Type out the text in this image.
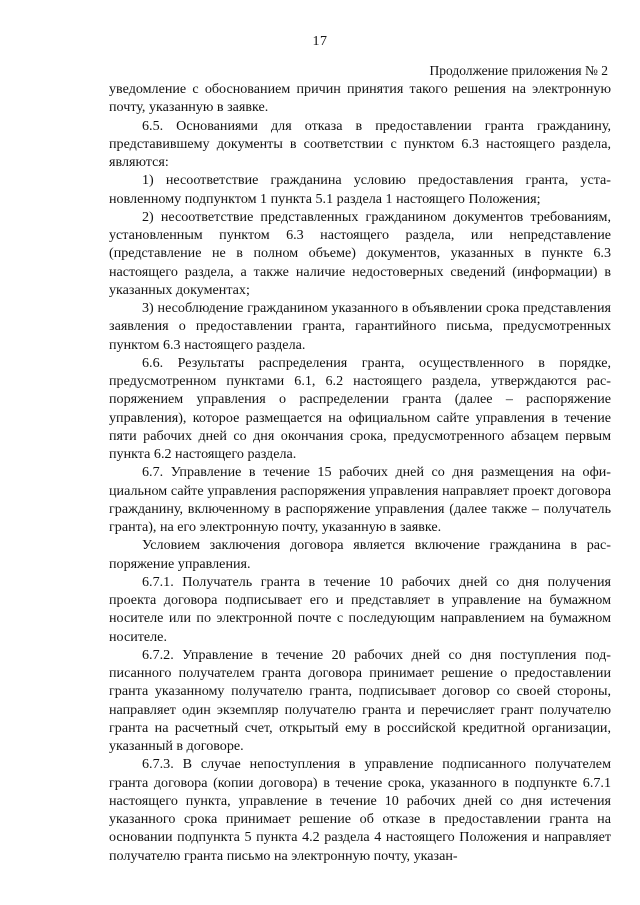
17
Продолжение приложения № 2

уведомление с обоснованием причин принятия такого решения на электронную почту, указанную в заявке.

6.5. Основаниями для отказа в предоставлении гранта гражданину, представившему документы в соответствии с пунктом 6.3 настоящего раздела, являются:

1) несоответствие гражданина условию предоставления гранта, установленному подпунктом 1 пункта 5.1 раздела 1 настоящего Положения;

2) несоответствие представленных гражданином документов требованиям, установленным пунктом 6.3 настоящего раздела, или непредставление (представление не в полном объеме) документов, указанных в пункте 6.3 настоящего раздела, а также наличие недостоверных сведений (информации) в указанных документах;

3) несоблюдение гражданином указанного в объявлении срока представления заявления о предоставлении гранта, гарантийного письма, предусмотренных пунктом 6.3 настоящего раздела.

6.6. Результаты распределения гранта, осуществленного в порядке, предусмотренном пунктами 6.1, 6.2 настоящего раздела, утверждаются распоряжением управления о распределении гранта (далее – распоряжение управления), которое размещается на официальном сайте управления в течение пяти рабочих дней со дня окончания срока, предусмотренного абзацем первым пункта 6.2 настоящего раздела.

6.7. Управление в течение 15 рабочих дней со дня размещения на официальном сайте управления распоряжения управления направляет проект договора гражданину, включенному в распоряжение управления (далее также – получатель гранта), на его электронную почту, указанную в заявке.

Условием заключения договора является включение гражданина в распоряжение управления.

6.7.1. Получатель гранта в течение 10 рабочих дней со дня получения проекта договора подписывает его и представляет в управление на бумажном носителе или по электронной почте с последующим направлением на бумажном носителе.

6.7.2. Управление в течение 20 рабочих дней со дня поступления подписанного получателем гранта договора принимает решение о предоставлении гранта указанному получателю гранта, подписывает договор со своей стороны, направляет один экземпляр получателю гранта и перечисляет грант получателю гранта на расчетный счет, открытый ему в российской кредитной организации, указанный в договоре.

6.7.3. В случае непоступления в управление подписанного получателем гранта договора (копии договора) в течение срока, указанного в подпункте 6.7.1 настоящего пункта, управление в течение 10 рабочих дней со дня истечения указанного срока принимает решение об отказе в предоставлении гранта на основании подпункта 5 пункта 4.2 раздела 4 настоящего Положения и направляет получателю гранта письмо на электронную почту, указан-
